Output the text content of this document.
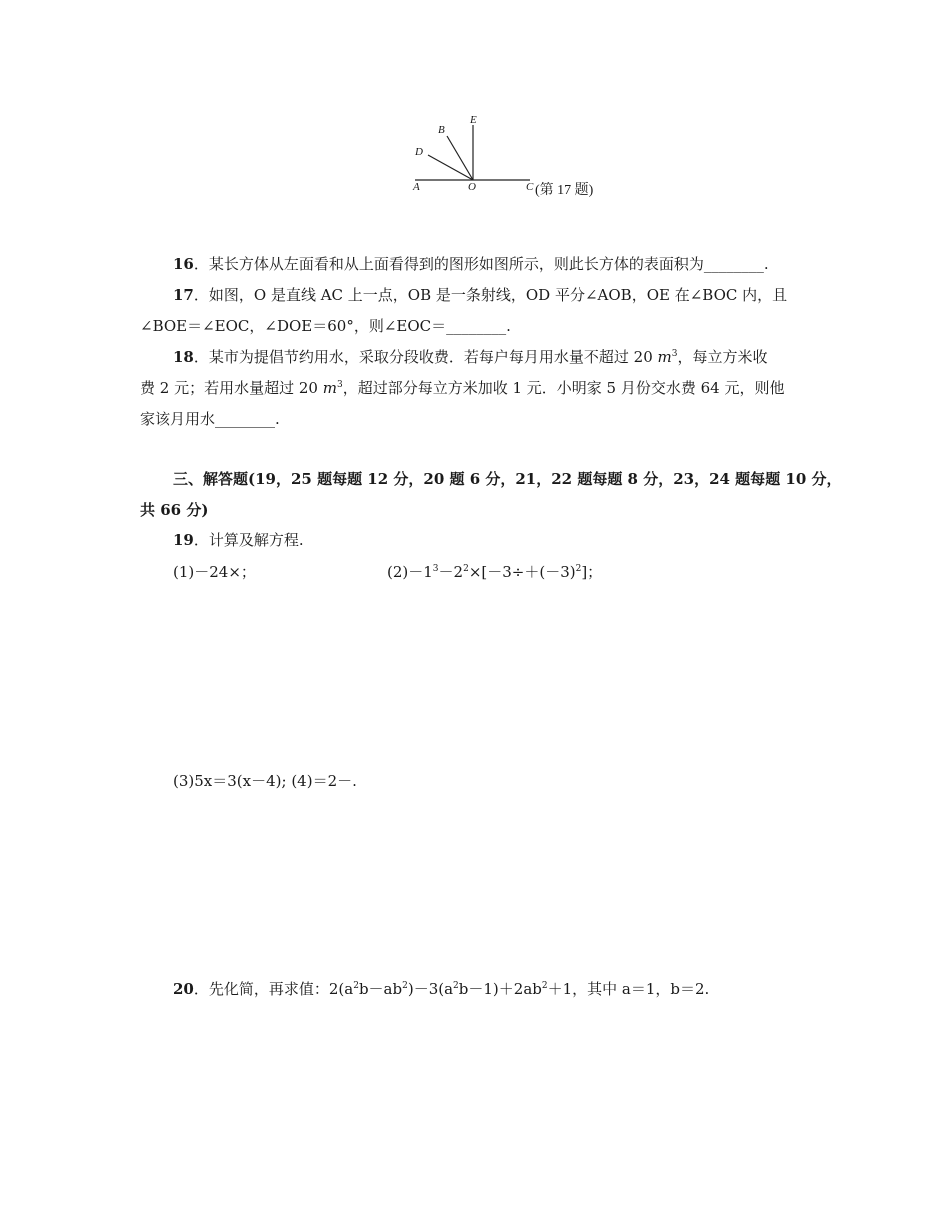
A	O	C
D
B
E
(第 17 题)
16．某长方体从左面看和从上面看得到的图形如图所示，则此长方体的表面积为________.
17．如图，O 是直线 AC 上一点，OB 是一条射线，OD 平分∠AOB，OE 在∠BOC 内，且
∠BOE＝∠EOC，∠DOE＝60°，则∠EOC＝________.
18．某市为提倡节约用水，采取分段收费．若每户每月用水量不超过 20 $m^3$，每立方米收
费 2 元；若用水量超过 20 $m^3$，超过部分每立方米加收 1 元．小明家 5 月份交水费 64 元，则他
家该月用水________.
三、解答题(19，25 题每题 12 分，20 题 6 分，21，22 题每题 8 分，23，24 题每题 10 分，
共 66 分)
19．计算及解方程.
(1)－24×；	$(2)-1^3-2^2\times[-3\div+(-3)^2]$；
(3)5x＝3(x－4); (4)＝2－.
20．先化简，再求值：$2(a^2b-ab^2)-3(a^2b-1)+2ab^2+1$，其中 a＝1，b＝2.
